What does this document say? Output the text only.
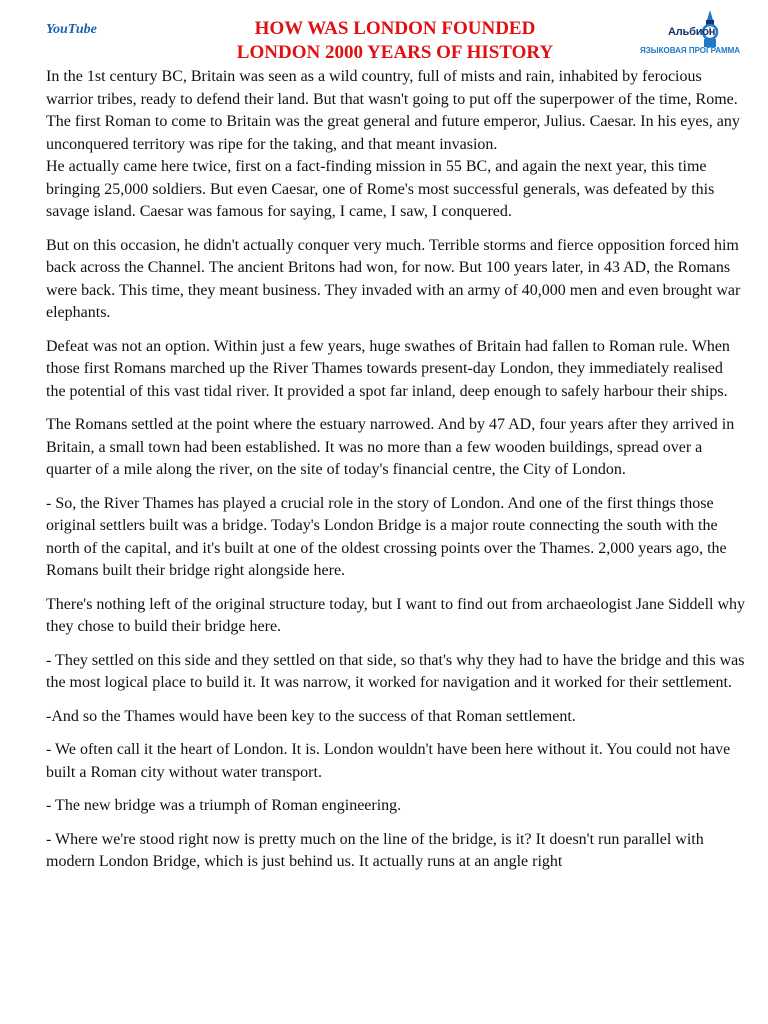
YouTube	HOW WAS LONDON FOUNDED
LONDON 2000 YEARS OF HISTORY
Альбион
ЯЗЫКОВАЯ ПРОГРАММА

In the 1st century BC, Britain was seen as a wild country, full of mists and rain, inhabited by ferocious warrior tribes, ready to defend their land. But that wasn't going to put off the superpower of the time, Rome. The first Roman to come to Britain was the great general and future emperor, Julius. Caesar. In his eyes, any unconquered territory was ripe for the taking, and that meant invasion.

He actually came here twice, first on a fact-finding mission in 55 BC, and again the next year, this time bringing 25,000 soldiers. But even Caesar, one of Rome's most successful generals, was defeated by this savage island. Caesar was famous for saying, I came, I saw, I conquered.

But on this occasion, he didn't actually conquer very much. Terrible storms and fierce opposition forced him back across the Channel. The ancient Britons had won, for now. But 100 years later, in 43 AD, the Romans were back. This time, they meant business. They invaded with an army of 40,000 men and even brought war elephants.

Defeat was not an option. Within just a few years, huge swathes of Britain had fallen to Roman rule. When those first Romans marched up the River Thames towards present-day London, they immediately realised the potential of this vast tidal river. It provided a spot far inland, deep enough to safely harbour their ships.

The Romans settled at the point where the estuary narrowed. And by 47 AD, four years after they arrived in Britain, a small town had been established. It was no more than a few wooden buildings, spread over a quarter of a mile along the river, on the site of today's financial centre, the City of London.

- So, the River Thames has played a crucial role in the story of London. And one of the first things those original settlers built was a bridge. Today's London Bridge is a major route connecting the south with the north of the capital, and it's built at one of the oldest crossing points over the Thames. 2,000 years ago, the Romans built their bridge right alongside here.

There's nothing left of the original structure today, but I want to find out from archaeologist Jane Siddell why they chose to build their bridge here.

- They settled on this side and they settled on that side, so that's why they had to have the bridge and this was the most logical place to build it. It was narrow, it worked for navigation and it worked for their settlement.

-And so the Thames would have been key to the success of that Roman settlement.

- We often call it the heart of London. It is. London wouldn't have been here without it. You could not have built a Roman city without water transport.

- The new bridge was a triumph of Roman engineering.

- Where we're stood right now is pretty much on the line of the bridge, is it? It doesn't run parallel with modern London Bridge, which is just behind us. It actually runs at an angle right
